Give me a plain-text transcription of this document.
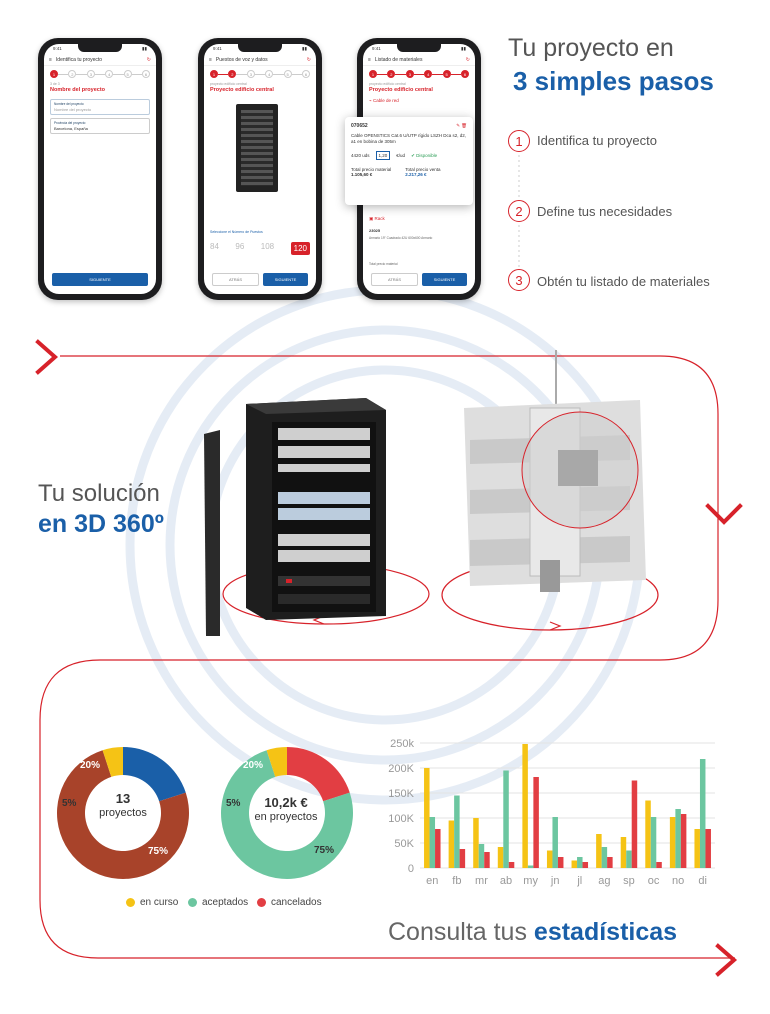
9:41	▮▮
≡ Identifica tu proyecto	↻
1	2	3	4	5	6
3 de 3
Nombre del proyecto
Nombre del proyecto
Nombre del proyecto
Provincia del proyecto
Barcelona, España
SIGUIENTE
9:41	▮▮
≡ Puestos de voz y datos	↻
1	2	3	4	5	6
proyecto edificio central
Proyecto edificio central
Seleccione el Número de Puestos
84 96 108	120
ATRÁS	SIGUIENTE
9:41	▮▮
≡ Listado de materiales	↻
1	2	3	4	5	6
proyecto edificio central
Proyecto edificio central
⌁ Cable de red
▣ Rack
23025
Armario 19" Cuadrado 42U 600x600 Armario
Total precio material
ATRÁS	SIGUIENTE
070652	✎ 🗑
Cable OPENSTICS Cat.6 U/UTP rígido LSZH Dca s2, d2, a1 en bobina de 305m
4420 uds	1,20	€/ud ✔ Disponible
Total precio material
1.105,60 €
Total precio venta
2.217,26 €
Tu proyecto en
3 simples pasos
1	Identifica tu proyecto
2	Define tus necesidades
3	Obtén tu listado de materiales
Tu solución
en 3D 360º
13
proyectos
20%
75%
5%	10,2k €
en proyectos
20%
75%
5%
en curso aceptados cancelados
0
50K
100K
150K
200K
250k
en fb mr ab my jn jl ag sp oc no di
Consulta tus estadísticas
